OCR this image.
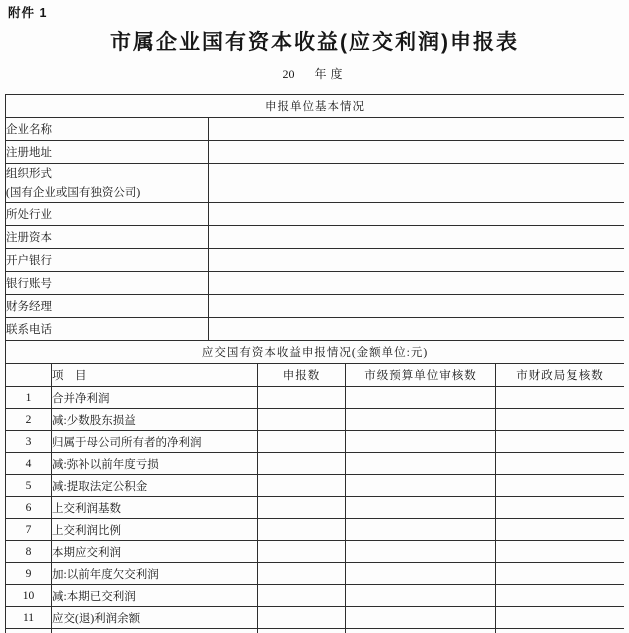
附件 1
市属企业国有资本收益(应交利润)申报表
20 年度
申报单位基本情况					
企业名称					
注册地址					

组织形式
(国有企业或国有独资公司)					

所处行业					
注册资本					
开户银行					
银行账号					
财务经理					
联系电话					
应交国有资本收益申报情况(金额单位:元)					
	项　目		申报数	市级预算单位审核数	市财政局复核数
1	合并净利润				
2	减:少数股东损益				
3	归属于母公司所有者的净利润				
4	减:弥补以前年度亏损				
5	减:提取法定公积金				
6	上交利润基数				
7	上交利润比例				
8	本期应交利润				
9	加:以前年度欠交利润				
10	减:本期已交利润				
11	应交(退)利润余额				
